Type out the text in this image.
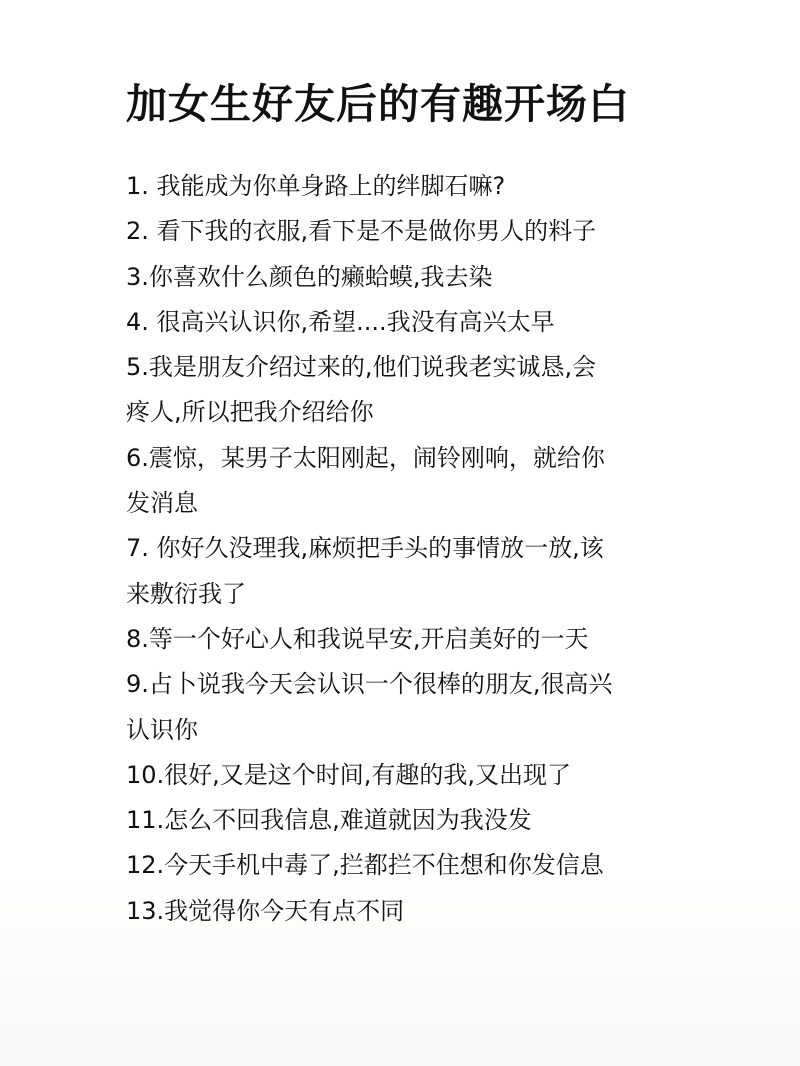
加女生好友后的有趣开场白
1. 我能成为你单身路上的绊脚石嘛?
2. 看下我的衣服,看下是不是做你男人的料子
3.你喜欢什么颜色的癞蛤蟆,我去染
4. 很高兴认识你,希望....我没有高兴太早
5.我是朋友介绍过来的,他们说我老实诚恳,会
疼人,所以把我介绍给你
6.震惊，某男子太阳刚起，闹铃刚响，就给你
发消息
7. 你好久没理我,麻烦把手头的事情放一放,该
来敷衍我了
8.等一个好心人和我说早安,开启美好的一天
9.占卜说我今天会认识一个很棒的朋友,很高兴
认识你
10.很好,又是这个时间,有趣的我,又出现了
11.怎么不回我信息,难道就因为我没发
12.今天手机中毒了,拦都拦不住想和你发信息
13.我觉得你今天有点不同
